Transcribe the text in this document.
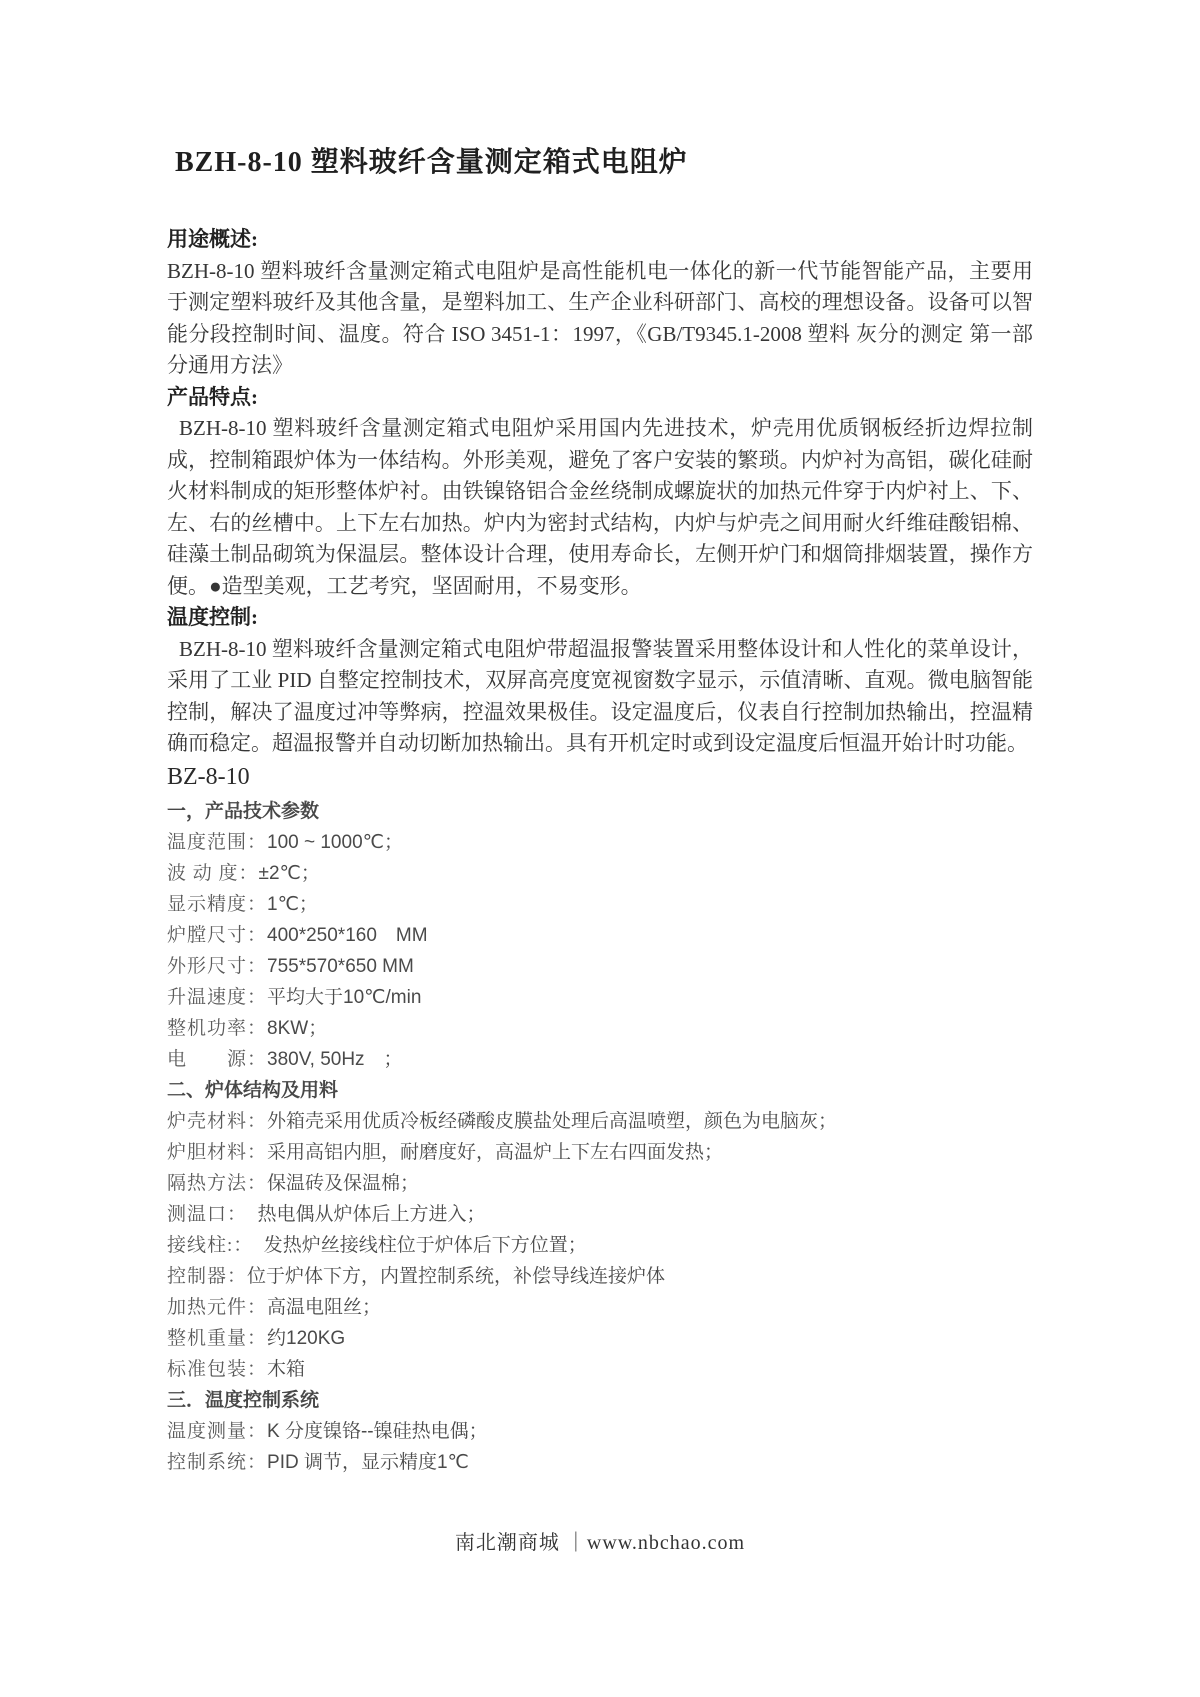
BZH-8-10 塑料玻纤含量测定箱式电阻炉
用途概述:

BZH-8-10 塑料玻纤含量测定箱式电阻炉是高性能机电一体化的新一代节能智能产品，主要用于测定塑料玻纤及其他含量，是塑料加工、生产企业科研部门、高校的理想设备。设备可以智能分段控制时间、温度。符合 ISO 3451-1：1997，《GB/T9345.1-2008 塑料 灰分的测定 第一部分通用方法》

产品特点:

BZH-8-10 塑料玻纤含量测定箱式电阻炉采用国内先进技术，炉壳用优质钢板经折边焊拉制成，控制箱跟炉体为一体结构。外形美观，避免了客户安装的繁琐。内炉衬为高铝，碳化硅耐火材料制成的矩形整体炉衬。由铁镍铬铝合金丝绕制成螺旋状的加热元件穿于内炉衬上、下、左、右的丝槽中。上下左右加热。炉内为密封式结构，内炉与炉壳之间用耐火纤维硅酸铝棉、硅藻土制品砌筑为保温层。整体设计合理，使用寿命长，左侧开炉门和烟筒排烟装置，操作方便。●造型美观，工艺考究，坚固耐用，不易变形。

温度控制:

BZH-8-10 塑料玻纤含量测定箱式电阻炉带超温报警装置采用整体设计和人性化的菜单设计，采用了工业 PID 自整定控制技术，双屏高亮度宽视窗数字显示，示值清晰、直观。微电脑智能控制，解决了温度过冲等弊病，控温效果极佳。设定温度后，仪表自行控制加热输出，控温精确而稳定。超温报警并自动切断加热输出。具有开机定时或到设定温度后恒温开始计时功能。

BZ-8-10
一，产品技术参数
温度范围：100 ~ 1000℃；
波 动 度：±2℃；
显示精度：1℃；
炉膛尺寸：400*250*160　MM
外形尺寸：755*570*650 MM
升温速度：平均大于10℃/min
整机功率：8KW；
电　　源：380V, 50Hz　；
二、炉体结构及用料
炉壳材料：外箱壳采用优质冷板经磷酸皮膜盐处理后高温喷塑，颜色为电脑灰；
炉胆材料：采用高铝内胆，耐磨度好，高温炉上下左右四面发热；
隔热方法：保温砖及保温棉；
测温口：　热电偶从炉体后上方进入；
接线柱:：　发热炉丝接线柱位于炉体后下方位置；
控制器：位于炉体下方，内置控制系统，补偿导线连接炉体
加热元件：高温电阻丝；
整机重量：约120KG
标准包装：木箱
三．温度控制系统
温度测量：K 分度镍铬--镍硅热电偶；
控制系统：PID 调节，显示精度1℃
南北潮商城 ｜www.nbchao.com
